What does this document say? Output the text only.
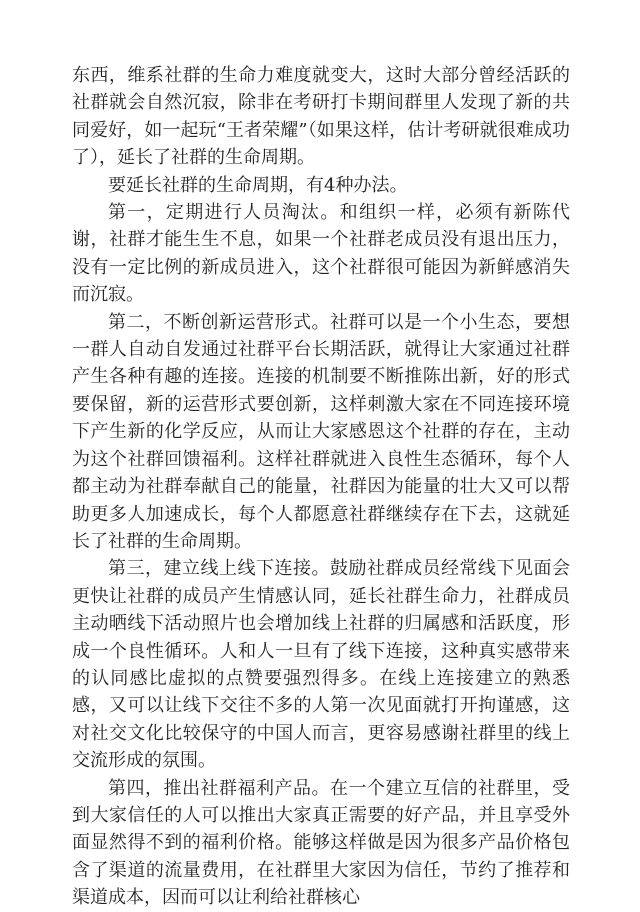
东西，维系社群的生命力难度就变大，这时大部分曾经活跃的社群就会自然沉寂，除非在考研打卡期间群里人发现了新的共同爱好，如一起玩“王者荣耀”（如果这样，估计考研就很难成功了），延长了社群的生命周期。

要延长社群的生命周期，有4种办法。

第一，定期进行人员淘汰。和组织一样，必须有新陈代谢，社群才能生生不息，如果一个社群老成员没有退出压力，没有一定比例的新成员进入，这个社群很可能因为新鲜感消失而沉寂。

第二，不断创新运营形式。社群可以是一个小生态，要想一群人自动自发通过社群平台长期活跃，就得让大家通过社群产生各种有趣的连接。连接的机制要不断推陈出新，好的形式要保留，新的运营形式要创新，这样刺激大家在不同连接环境下产生新的化学反应，从而让大家感恩这个社群的存在，主动为这个社群回馈福利。这样社群就进入良性生态循环，每个人都主动为社群奉献自己的能量，社群因为能量的壮大又可以帮助更多人加速成长，每个人都愿意社群继续存在下去，这就延长了社群的生命周期。

第三，建立线上线下连接。鼓励社群成员经常线下见面会更快让社群的成员产生情感认同，延长社群生命力，社群成员主动晒线下活动照片也会增加线上社群的归属感和活跃度，形成一个良性循环。人和人一旦有了线下连接，这种真实感带来的认同感比虚拟的点赞要强烈得多。在线上连接建立的熟悉感，又可以让线下交往不多的人第一次见面就打开拘谨感，这对社交文化比较保守的中国人而言，更容易感谢社群里的线上交流形成的氛围。

第四，推出社群福利产品。在一个建立互信的社群里，受到大家信任的人可以推出大家真正需要的好产品，并且享受外面显然得不到的福利价格。能够这样做是因为很多产品价格包含了渠道的流量费用，在社群里大家因为信任，节约了推荐和渠道成本，因而可以让利给社群核心
